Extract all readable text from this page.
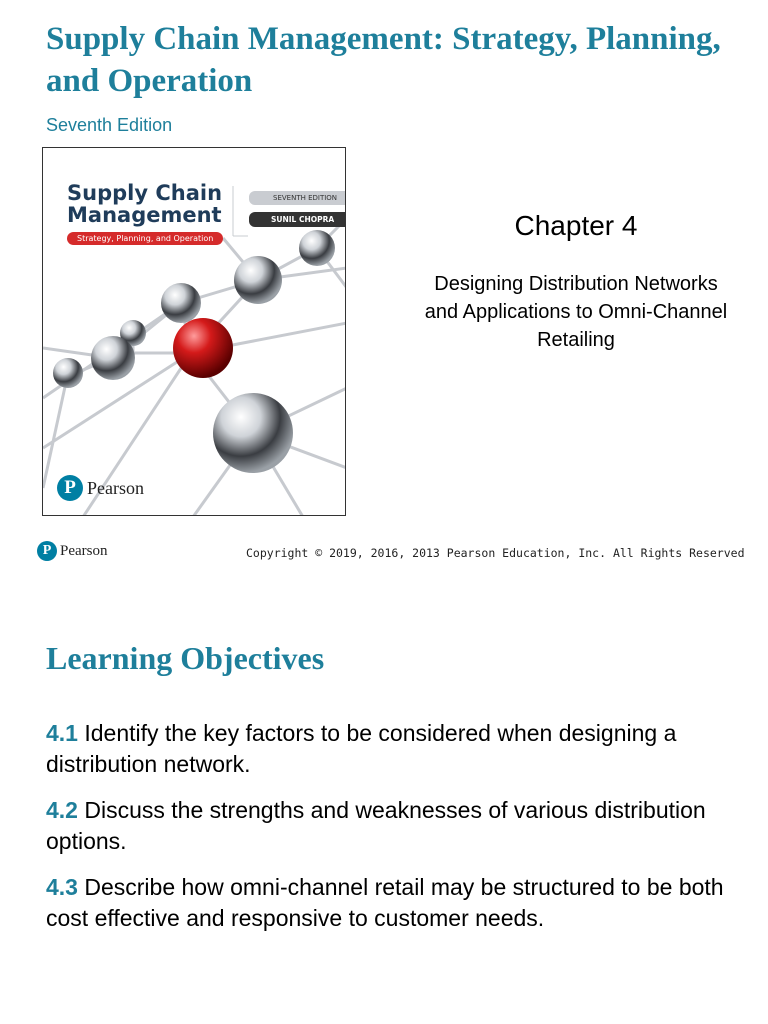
Supply Chain Management: Strategy, Planning, and Operation
Seventh Edition
Supply Chain
Management
Strategy, Planning, and Operation
SEVENTH EDITION
SUNIL CHOPRA
P Pearson
Chapter 4
Designing Distribution Networks and Applications to Omni-Channel Retailing
P Pearson	Copyright © 2019, 2016, 2013 Pearson Education, Inc. All Rights Reserved
Learning Objectives
4.1 Identify the key factors to be considered when designing a distribution network.
4.2 Discuss the strengths and weaknesses of various distribution options.
4.3 Describe how omni-channel retail may be structured to be both cost effective and responsive to customer needs.
